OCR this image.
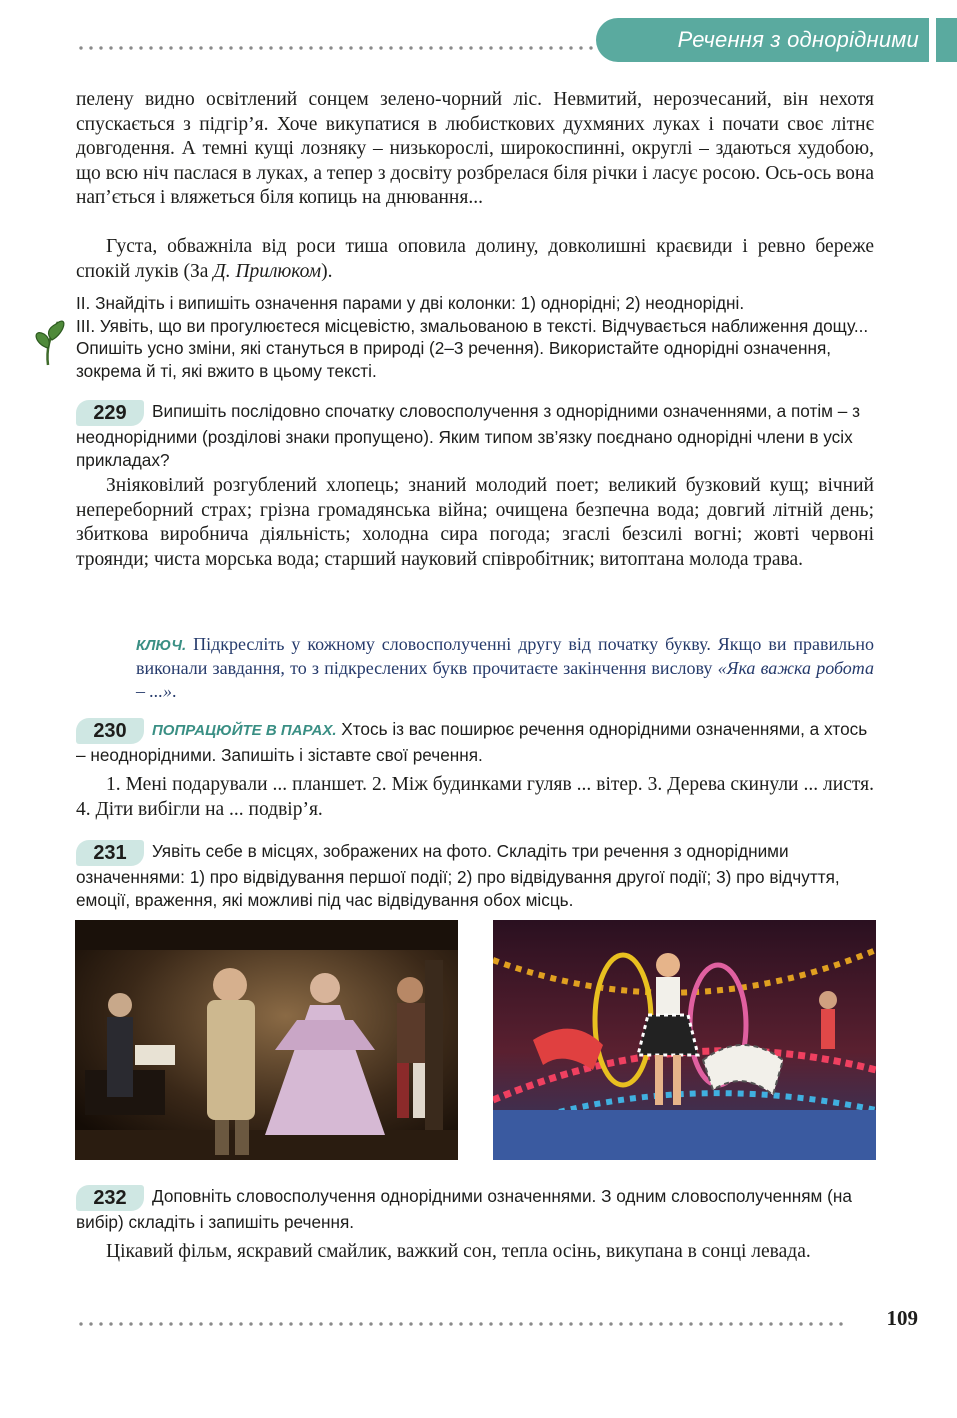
Речення з однорідними членами

пелену видно освітлений сонцем зелено-чорний ліс. Невмитий, нерозчесаний, він нехотя спускається з підгір’я. Хоче викупатися в любисткових духмяних луках і почати своє літнє довгодення. А темні кущі лозняку – низькорослі, широкоспинні, округлі – здаються худобою, що всю ніч паслася в луках, а тепер з досвіту розбрелася біля річки і ласує росою. Ось-ось вона нап’ється і вляжеться біля копиць на днювання...

Густа, обважніла від роси тиша оповила долину, довколишні краєвиди і ревно береже спокій луків (За Д. Прилюком).

II. Знайдіть і випишіть означення парами у дві колонки: 1) однорідні; 2) неоднорідні.
III. Уявіть, що ви прогулюєтеся місцевістю, змальованою в тексті. Відчувається наближення дощу... Опишіть усно зміни, які стануться в природі (2–3 речення). Використайте однорідні означення, зокрема й ті, які вжито в цьому тексті.
229 Випишіть послідовно спочатку словосполучення з однорідними означеннями, а потім – з неоднорідними (розділові знаки пропущено). Яким типом зв’язку поєднано однорідні члени в усіх прикладах?

Зніяковілий розгублений хлопець; знаний молодий поет; великий бузковий кущ; вічний непереборний страх; грізна громадянська війна; очищена безпечна вода; довгий літній день; збиткова виробнича діяльність; холодна сира погода; згаслі безсилі вогні; жовті червоні троянди; чиста морська вода; старший науковий співробітник; витоптана молода трава.

КЛЮЧ. Підкресліть у кожному словосполученні другу від початку букву. Якщо ви правильно виконали завдання, то з підкреслених букв прочитаєте закінчення вислову «Яка важка робота – ...».
230 ПОПРАЦЮЙТЕ В ПАРАХ. Хтось із вас поширює речення однорідними означеннями, а хтось – неоднорідними. Запишіть і зіставте свої речення.

1. Мені подарували ... планшет. 2. Між будинками гуляв ... вітер. 3. Дерева скинули ... листя. 4. Діти вибігли на ... подвір’я.

231 Уявіть себе в місцях, зображених на фото. Складіть три речення з однорідними означеннями: 1) про відвідування першої події; 2) про відвідування другої події; 3) про відчуття, емоції, враження, які можливі під час відвідування обох місць.
232 Доповніть словосполучення однорідними означеннями. З одним словосполученням (на вибір) складіть і запишіть речення.

Цікавий фільм, яскравий смайлик, важкий сон, тепла осінь, викупана в сонці левада.

109
